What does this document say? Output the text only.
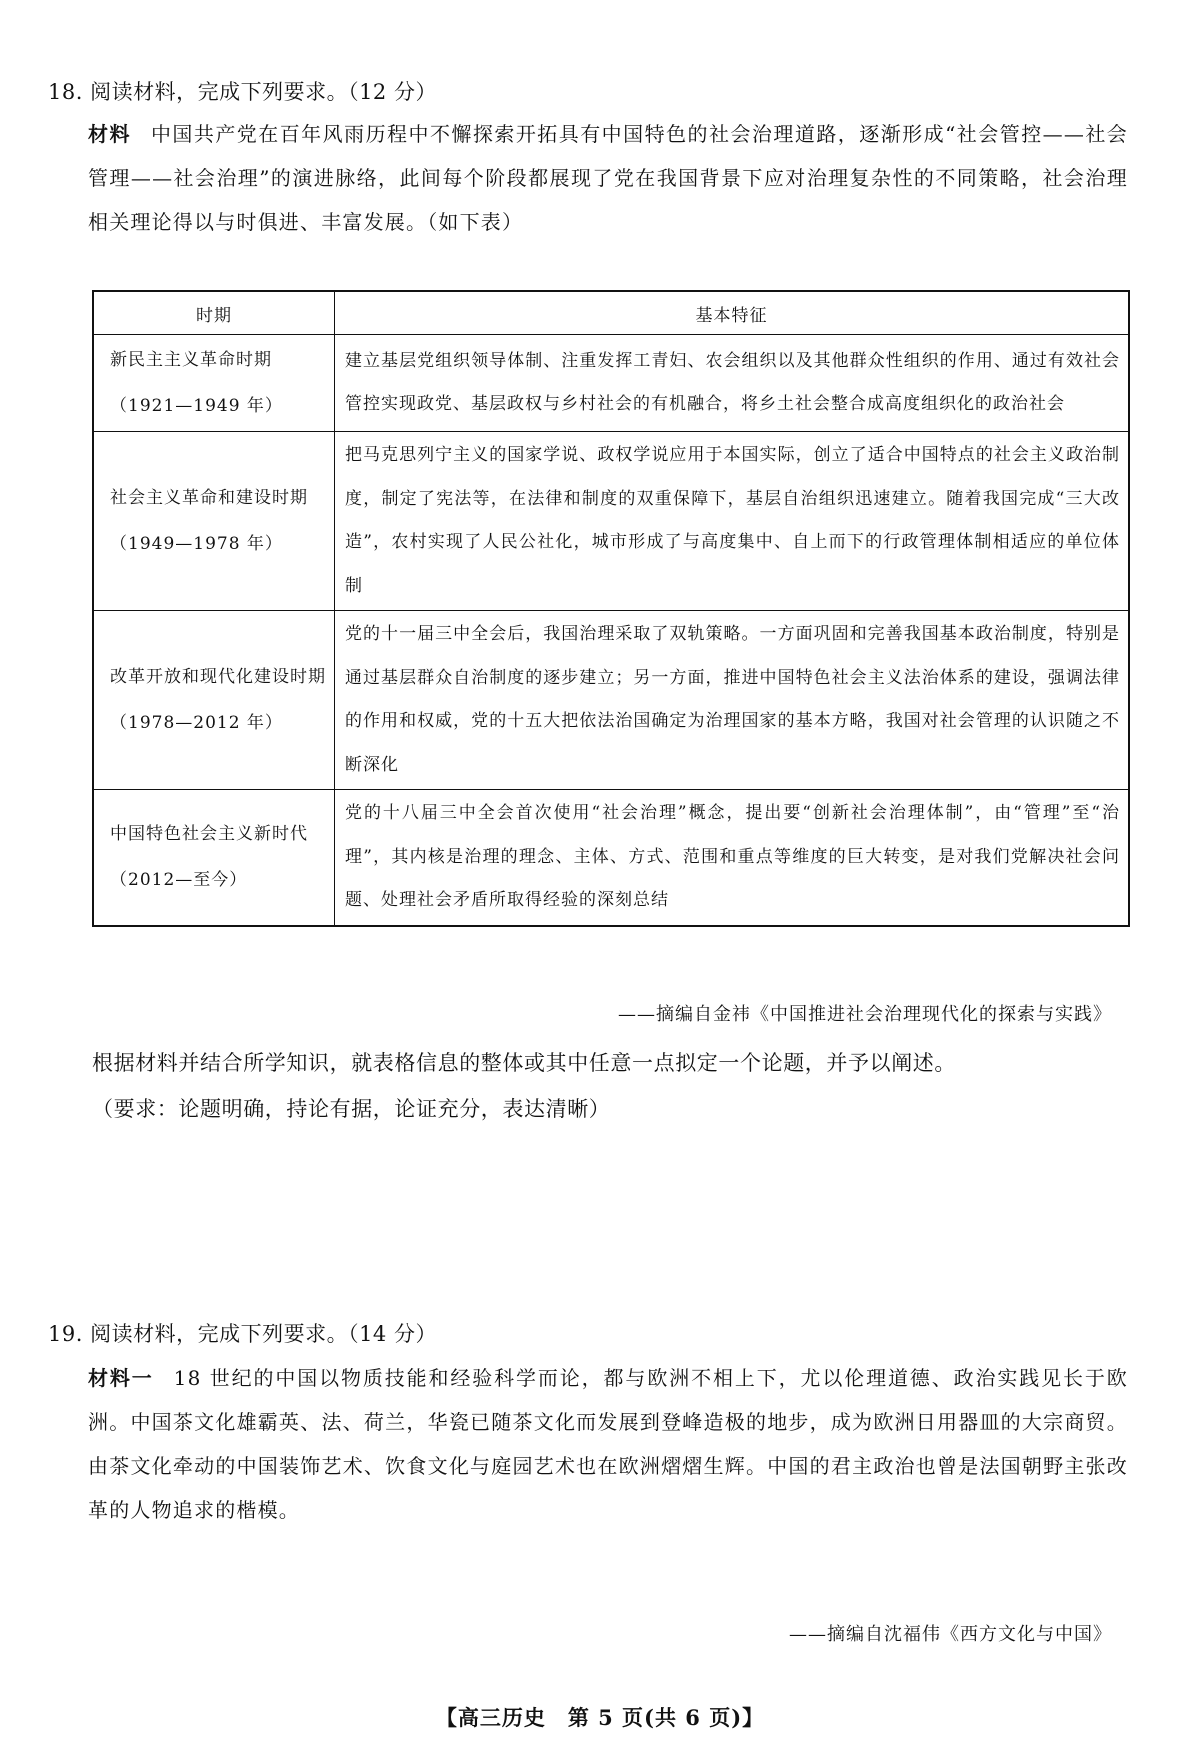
18. 阅读材料，完成下列要求。（12 分）
材料 中国共产党在百年风雨历程中不懈探索开拓具有中国特色的社会治理道路，逐渐形成“社会管控——社会管理——社会治理”的演进脉络，此间每个阶段都展现了党在我国背景下应对治理复杂性的不同策略，社会治理相关理论得以与时俱进、丰富发展。（如下表）
时期	基本特征
新民主主义革命时期（1921—1949 年）	建立基层党组织领导体制、注重发挥工青妇、农会组织以及其他群众性组织的作用、通过有效社会管控实现政党、基层政权与乡村社会的有机融合，将乡土社会整合成高度组织化的政治社会
社会主义革命和建设时期（1949—1978 年）	把马克思列宁主义的国家学说、政权学说应用于本国实际，创立了适合中国特点的社会主义政治制度，制定了宪法等，在法律和制度的双重保障下，基层自治组织迅速建立。随着我国完成“三大改造”，农村实现了人民公社化，城市形成了与高度集中、自上而下的行政管理体制相适应的单位体制
改革开放和现代化建设时期（1978—2012 年）	党的十一届三中全会后，我国治理采取了双轨策略。一方面巩固和完善我国基本政治制度，特别是通过基层群众自治制度的逐步建立；另一方面，推进中国特色社会主义法治体系的建设，强调法律的作用和权威，党的十五大把依法治国确定为治理国家的基本方略，我国对社会管理的认识随之不断深化
中国特色社会主义新时代（2012—至今）	党的十八届三中全会首次使用“社会治理”概念，提出要“创新社会治理体制”，由“管理”至“治理”，其内核是治理的理念、主体、方式、范围和重点等维度的巨大转变，是对我们党解决社会问题、处理社会矛盾所取得经验的深刻总结
——摘编自金祎《中国推进社会治理现代化的探索与实践》
根据材料并结合所学知识，就表格信息的整体或其中任意一点拟定一个论题，并予以阐述。
（要求：论题明确，持论有据，论证充分，表达清晰）
19. 阅读材料，完成下列要求。（14 分）
材料一 18 世纪的中国以物质技能和经验科学而论，都与欧洲不相上下，尤以伦理道德、政治实践见长于欧洲。中国茶文化雄霸英、法、荷兰，华瓷已随茶文化而发展到登峰造极的地步，成为欧洲日用器皿的大宗商贸。由茶文化牵动的中国装饰艺术、饮食文化与庭园艺术也在欧洲熠熠生辉。中国的君主政治也曾是法国朝野主张改革的人物追求的楷模。
——摘编自沈福伟《西方文化与中国》
【高三历史　第 5 页(共 6 页)】
